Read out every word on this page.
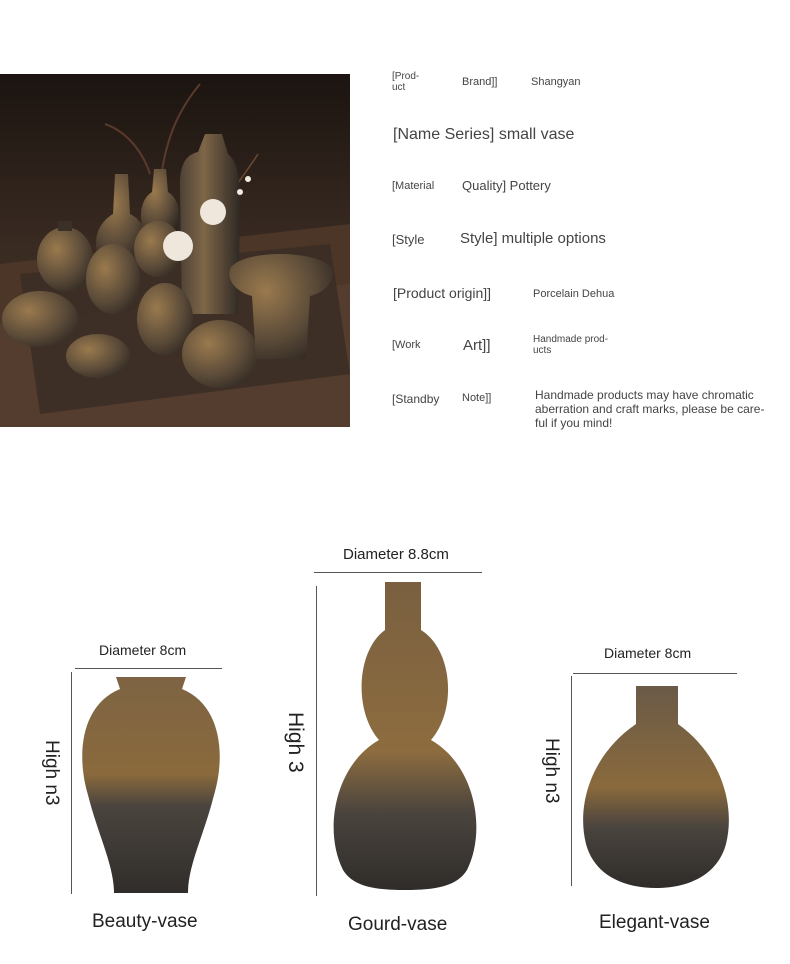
[Prod-
uct	Brand]]	Shangyan
[Name Series] small vase
[Material Quality] Pottery
[Style Style] multiple options
[Product origin]]	Porcelain Dehua
[Work	Art]]	Handmade prod-
ucts
[Standby Note]]	Handmade products may have chromatic
aberration and craft marks, please be care-
ful if you mind!
Diameter 8cm
High n3
Beauty-vase
Diameter 8.8cm
High 3
Gourd-vase
Diameter 8cm
High n3
Elegant-vase
